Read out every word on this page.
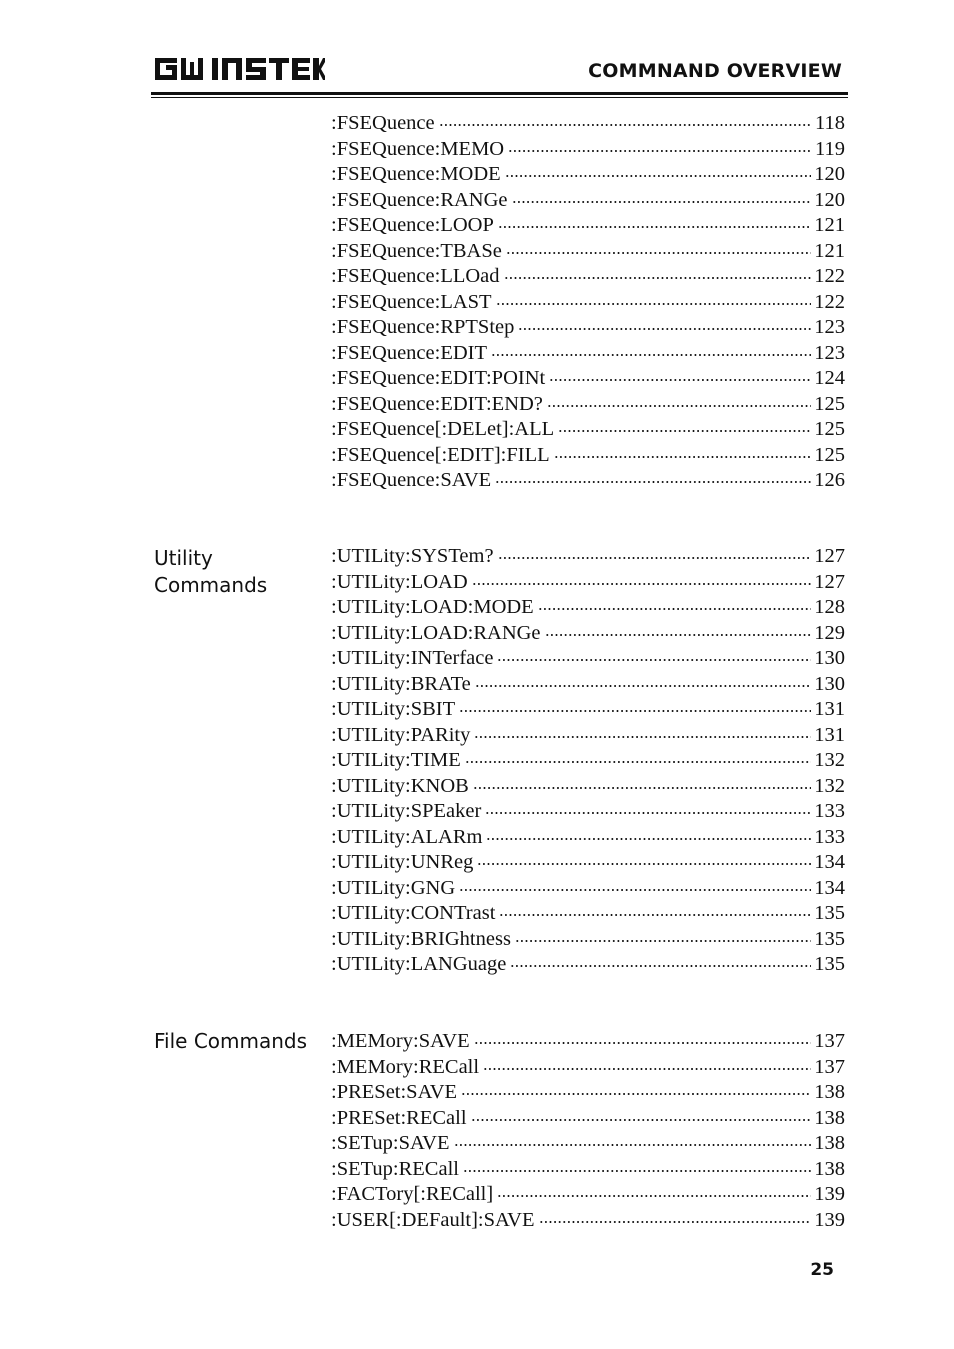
COMMNAND OVERVIEW
:FSEQuence	118
:FSEQuence:MEMO	119
:FSEQuence:MODE	120
:FSEQuence:RANGe	120
:FSEQuence:LOOP	121
:FSEQuence:TBASe	121
:FSEQuence:LLOad	122
:FSEQuence:LAST	122
:FSEQuence:RPTStep	123
:FSEQuence:EDIT	123
:FSEQuence:EDIT:POINt	124
:FSEQuence:EDIT:END?	125
:FSEQuence[:DELet]:ALL	125
:FSEQuence[:EDIT]:FILL	125
:FSEQuence:SAVE	126
Utility
Commands
:UTILity:SYSTem?	127
:UTILity:LOAD	127
:UTILity:LOAD:MODE	128
:UTILity:LOAD:RANGe	129
:UTILity:INTerface	130
:UTILity:BRATe	130
:UTILity:SBIT	131
:UTILity:PARity	131
:UTILity:TIME	132
:UTILity:KNOB	132
:UTILity:SPEaker	133
:UTILity:ALARm	133
:UTILity:UNReg	134
:UTILity:GNG	134
:UTILity:CONTrast	135
:UTILity:BRIGhtness	135
:UTILity:LANGuage	135
File Commands	:MEMory:SAVE	137
:MEMory:RECall	137
:PRESet:SAVE	138
:PRESet:RECall	138
:SETup:SAVE	138
:SETup:RECall	138
:FACTory[:RECall]	139
:USER[:DEFault]:SAVE	139
25
